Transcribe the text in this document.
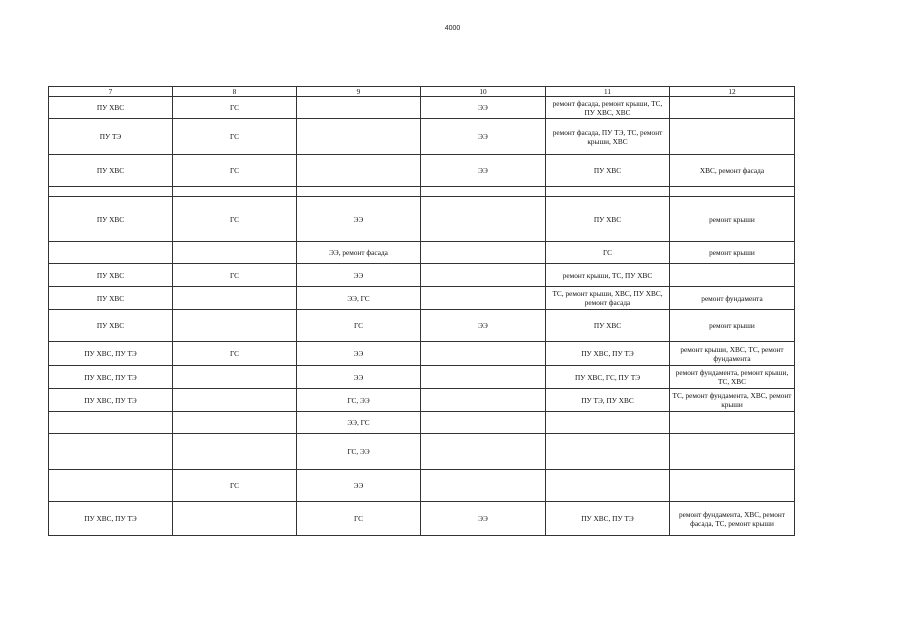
4000
7	8	9	10	11	12
ПУ ХВС	ГС		ЭЭ	ремонт фасада, ремонт крыши, ТС, ПУ ХВС, ХВС	
ПУ ТЭ	ГС		ЭЭ	ремонт фасада, ПУ ТЭ, ТС, ремонт крыши, ХВС	
ПУ ХВС	ГС		ЭЭ	ПУ ХВС	ХВС, ремонт фасада

ПУ ХВС	ГС	ЭЭ		ПУ ХВС	ремонт крыши
		ЭЭ, ремонт фасада		ГС	ремонт крыши
ПУ ХВС	ГС	ЭЭ		ремонт крыши, ТС, ПУ ХВС	
ПУ ХВС		ЭЭ, ГС		ТС, ремонт крыши, ХВС, ПУ ХВС, ремонт фасада	ремонт фундамента
ПУ ХВС		ГС	ЭЭ	ПУ ХВС	ремонт крыши
ПУ ХВС, ПУ ТЭ	ГС	ЭЭ		ПУ ХВС, ПУ ТЭ	ремонт крыши, ХВС, ТС, ремонт фундамента
ПУ ХВС, ПУ ТЭ		ЭЭ		ПУ ХВС, ГС, ПУ ТЭ	ремонт фундамента, ремонт крыши, ТС, ХВС
ПУ ХВС, ПУ ТЭ		ГС, ЭЭ		ПУ ТЭ, ПУ ХВС	ТС, ремонт фундамента, ХВС, ремонт крыши
		ЭЭ, ГС			
		ГС, ЭЭ			
	ГС	ЭЭ			
ПУ ХВС, ПУ ТЭ		ГС	ЭЭ	ПУ ХВС, ПУ ТЭ	ремонт фундамента, ХВС, ремонт фасада, ТС, ремонт крыши
